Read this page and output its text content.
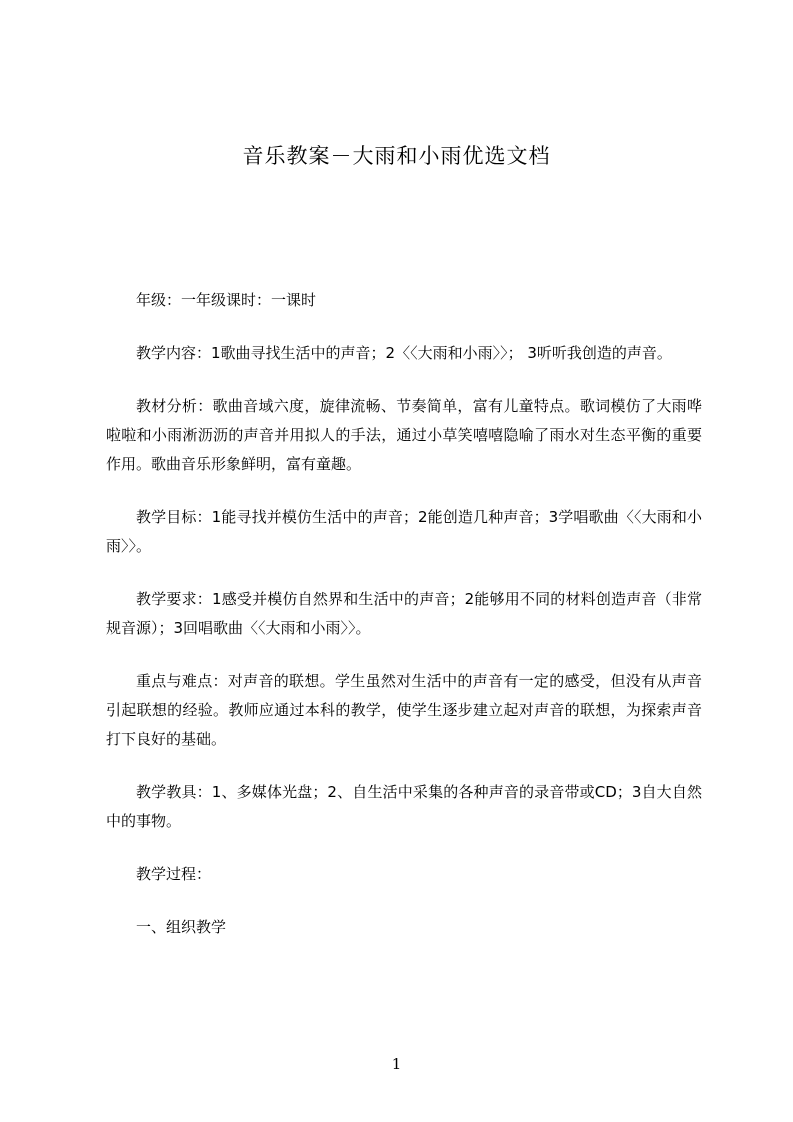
音乐教案－大雨和小雨优选文档

年级：一年级课时：一课时

教学内容：1歌曲寻找生活中的声音；2〈〈大雨和小雨〉〉； 3听听我创造的声音。

教材分析：歌曲音域六度，旋律流畅、节奏简单，富有儿童特点。歌词模仿了大雨哗啦啦和小雨淅沥沥的声音并用拟人的手法，通过小草笑嘻嘻隐喻了雨水对生态平衡的重要作用。歌曲音乐形象鲜明，富有童趣。

教学目标：1能寻找并模仿生活中的声音；2能创造几种声音；3学唱歌曲〈〈大雨和小雨〉〉。

教学要求：1感受并模仿自然界和生活中的声音；2能够用不同的材料创造声音（非常规音源）；3回唱歌曲〈〈大雨和小雨〉〉。

重点与难点：对声音的联想。学生虽然对生活中的声音有一定的感受，但没有从声音引起联想的经验。教师应通过本科的教学，使学生逐步建立起对声音的联想，为探索声音打下良好的基础。

教学教具：1、多媒体光盘；2、自生活中采集的各种声音的录音带或CD；3自大自然中的事物。

教学过程：

一、组织教学

1
